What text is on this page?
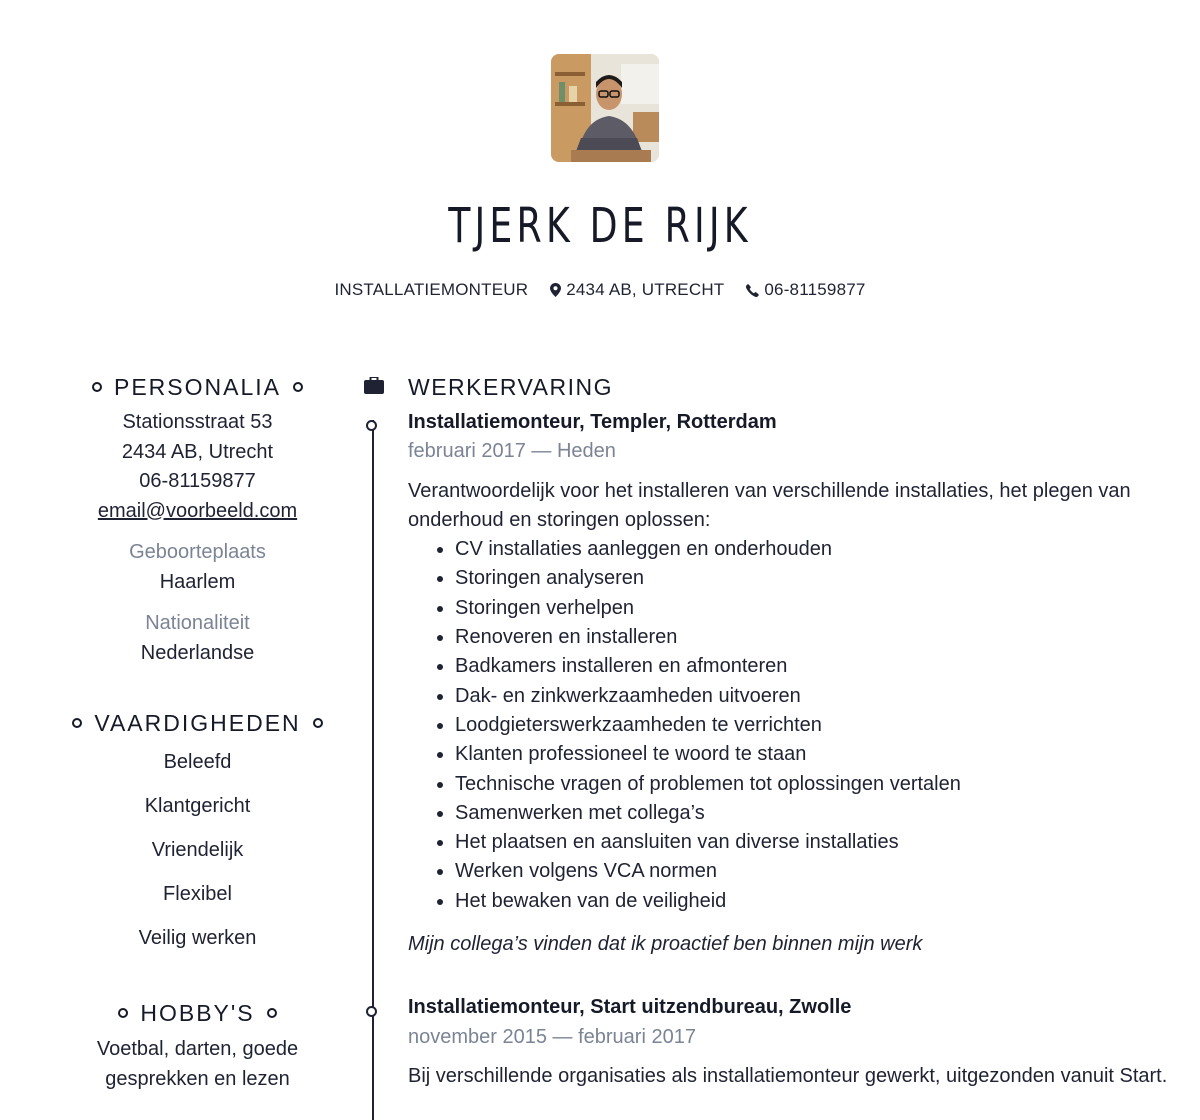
TJERK DE RIJK
INSTALLATIEMONTEUR 2434 AB, UTRECHT 06-81159877
PERSONALIA
Stationsstraat 53
2434 AB, Utrecht
06-81159877
email@voorbeeld.com
Geboorteplaats
Haarlem
Nationaliteit
Nederlandse
VAARDIGHEDEN
Beleefd
Klantgericht
Vriendelijk
Flexibel
Veilig werken
HOBBY'S
Voetbal, darten, goede
gesprekken en lezen
WERKERVARING
Installatiemonteur, Templer, Rotterdam
februari 2017 — Heden
Verantwoordelijk voor het installeren van verschillende installaties, het plegen van onderhoud en storingen oplossen:
• CV installaties aanleggen en onderhouden
• Storingen analyseren
• Storingen verhelpen
• Renoveren en installeren
• Badkamers installeren en afmonteren
• Dak- en zinkwerkzaamheden uitvoeren
• Loodgieterswerkzaamheden te verrichten
• Klanten professioneel te woord te staan
• Technische vragen of problemen tot oplossingen vertalen
• Samenwerken met collega’s
• Het plaatsen en aansluiten van diverse installaties
• Werken volgens VCA normen
• Het bewaken van de veiligheid
Mijn collega’s vinden dat ik proactief ben binnen mijn werk
Installatiemonteur, Start uitzendbureau, Zwolle
november 2015 — februari 2017
Bij verschillende organisaties als installatiemonteur gewerkt, uitgezonden vanuit Start.
